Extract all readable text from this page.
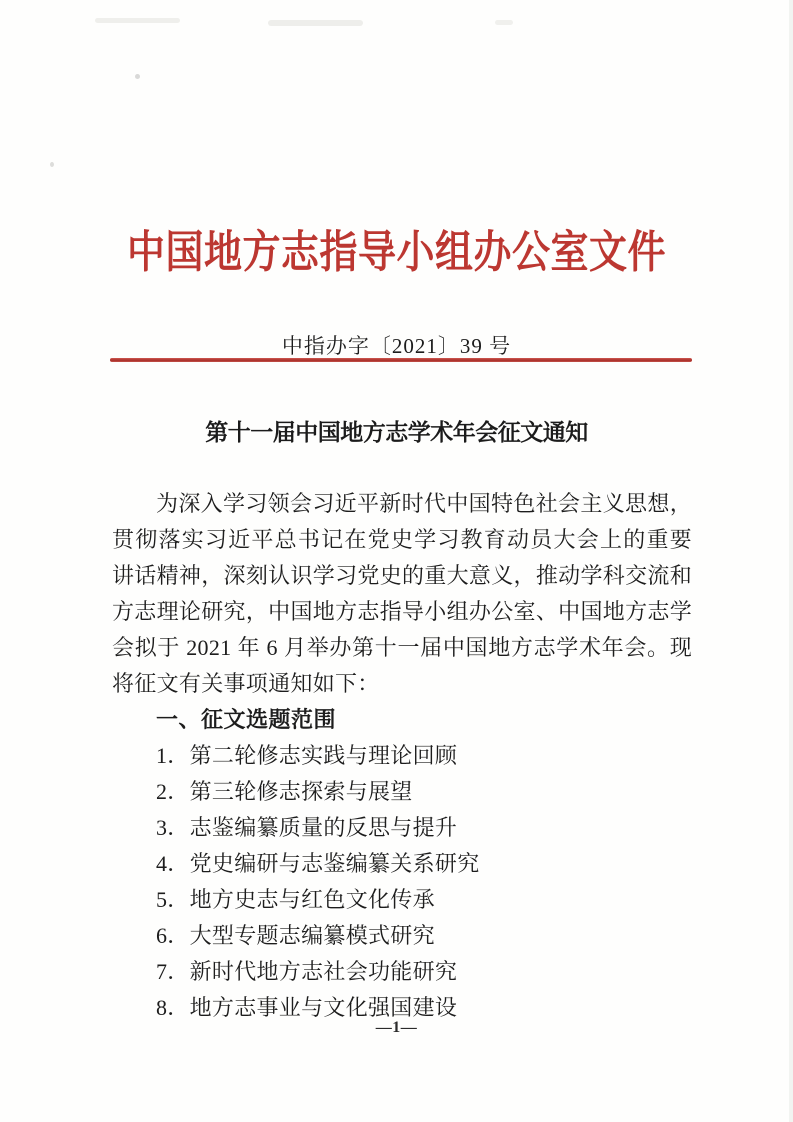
中国地方志指导小组办公室文件
中指办字〔2021〕39 号
第十一届中国地方志学术年会征文通知
为深入学习领会习近平新时代中国特色社会主义思想，
贯彻落实习近平总书记在党史学习教育动员大会上的重要
讲话精神，深刻认识学习党史的重大意义，推动学科交流和
方志理论研究，中国地方志指导小组办公室、中国地方志学
会拟于 2021 年 6 月举办第十一届中国地方志学术年会。现
将征文有关事项通知如下：
一、征文选题范围
1．第二轮修志实践与理论回顾
2．第三轮修志探索与展望
3．志鉴编纂质量的反思与提升
4．党史编研与志鉴编纂关系研究
5．地方史志与红色文化传承
6．大型专题志编纂模式研究
7．新时代地方志社会功能研究
8．地方志事业与文化强国建设
—1—
